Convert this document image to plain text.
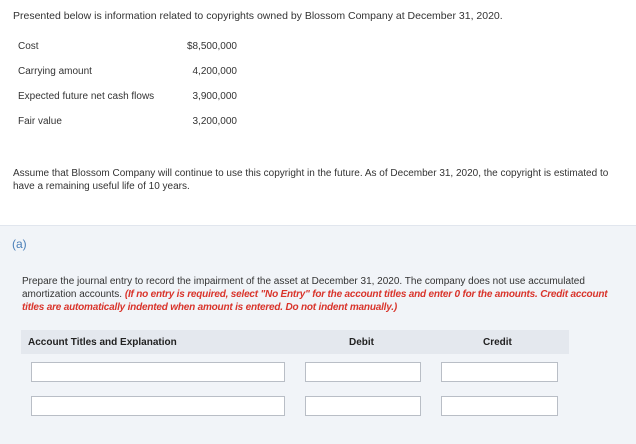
Presented below is information related to copyrights owned by Blossom Company at December 31, 2020.
Cost	$8,500,000
Carrying amount	4,200,000
Expected future net cash flows	3,900,000
Fair value	3,200,000
Assume that Blossom Company will continue to use this copyright in the future. As of December 31, 2020, the copyright is estimated to have a remaining useful life of 10 years.
(a)
Prepare the journal entry to record the impairment of the asset at December 31, 2020. The company does not use accumulated amortization accounts. (If no entry is required, select "No Entry" for the account titles and enter 0 for the amounts. Credit account titles are automatically indented when amount is entered. Do not indent manually.)
Account Titles and Explanation	Debit	Credit
